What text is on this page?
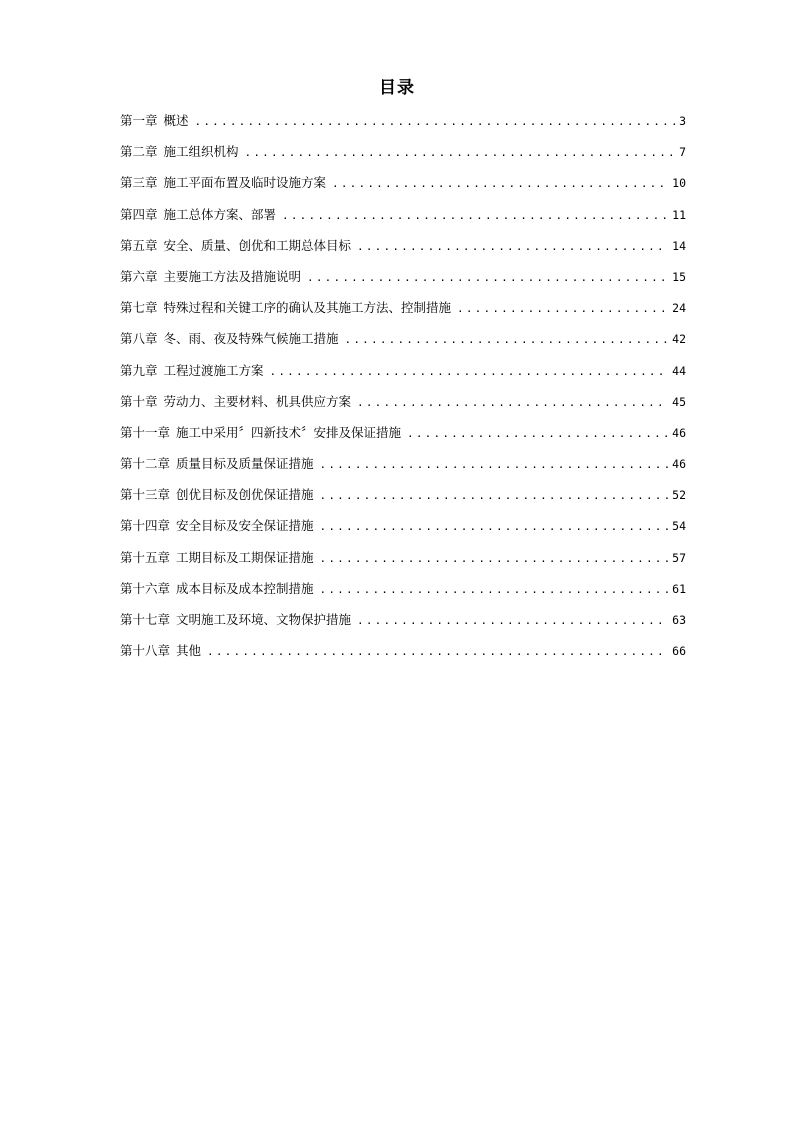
目录
第一章 概述 .....	3
第二章 施工组织机构 .....	7
第三章 施工平面布置及临时设施方案 .....	10
第四章 施工总体方案、部署 .....	11
第五章 安全、质量、创优和工期总体目标 .....	14
第六章 主要施工方法及措施说明 .....	15
第七章 特殊过程和关键工序的确认及其施工方法、控制措施 .....	24
第八章 冬、雨、夜及特殊气候施工措施 .....	42
第九章 工程过渡施工方案 .....	44
第十章 劳动力、主要材料、机具供应方案 .....	45
第十一章 施工中采用〞四新技术〞安排及保证措施 .....	46
第十二章 质量目标及质量保证措施 .....	46
第十三章 创优目标及创优保证措施 .....	52
第十四章 安全目标及安全保证措施 .....	54
第十五章 工期目标及工期保证措施 .....	57
第十六章 成本目标及成本控制措施 .....	61
第十七章 文明施工及环境、文物保护措施 .....	63
第十八章 其他 .....	66
